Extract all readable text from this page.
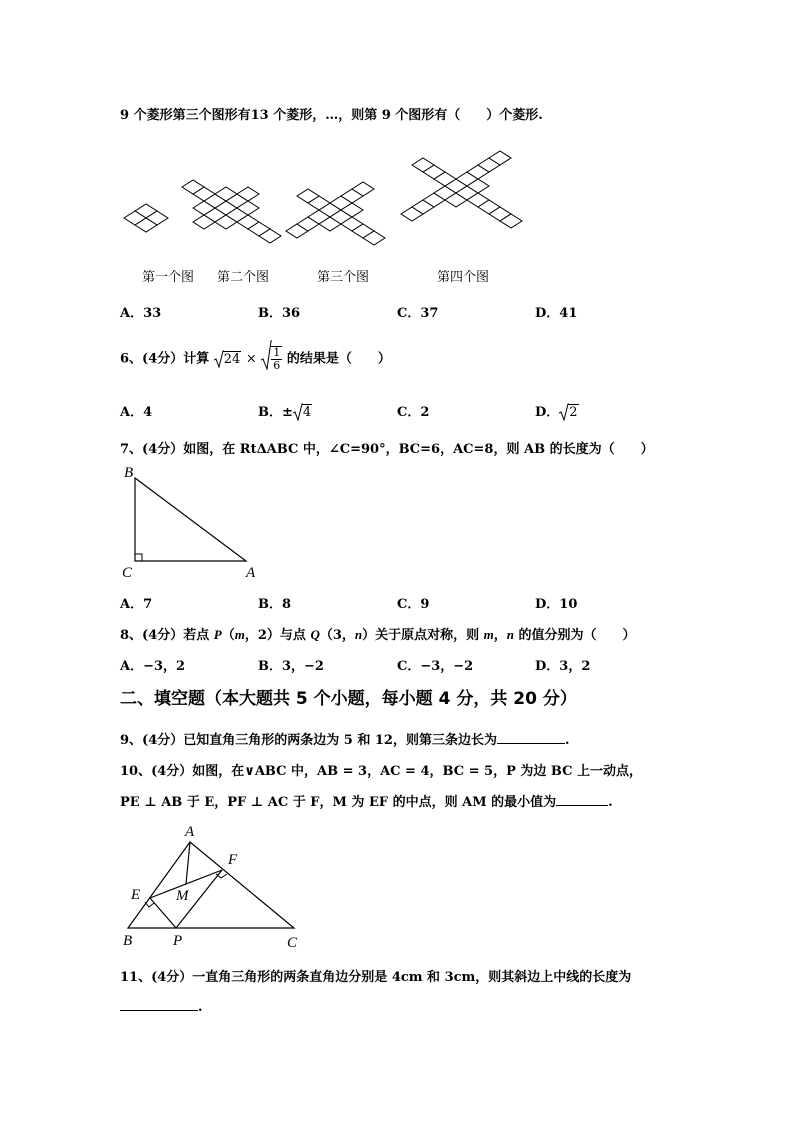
9 个菱形第三个图形有13 个菱形，…，则第 9 个图形有（　　）个菱形.
第一个图 第二个图	第三个图	第四个图
A．33	B．36	C．37	D．41
6、(4分）计算 $24 \times \frac{1}{6}$ 的结果是（　　）
A．4	B．± 4	C．2	D． 2
7、(4分）如图，在 RtΔABC 中，∠C=90°，BC=6，AC=8，则 AB 的长度为（　　）
B
C	A
A．7	B．8	C．9	D．10
8、(4分）若点 P（m，2）与点 Q（3，n）关于原点对称，则 m，n 的值分别为（　　）
A．−3，2	B．3，−2	C．−3，−2	D．3，2
二、填空题（本大题共 5 个小题，每小题 4 分，共 20 分）
9、(4分）已知直角三角形的两条边为 5 和 12，则第三条边长为	.
10、(4分）如图，在∨ABC 中，AB = 3，AC = 4，BC = 5，P 为边 BC 上一动点，
PE ⊥ AB 于 E，PF ⊥ AC 于 F，M 为 EF 的中点，则 AM 的最小值为	.
A
F
E M
B	P	C
11、(4分）一直角三角形的两条直角边分别是 4cm 和 3cm，则其斜边上中线的长度为
.
